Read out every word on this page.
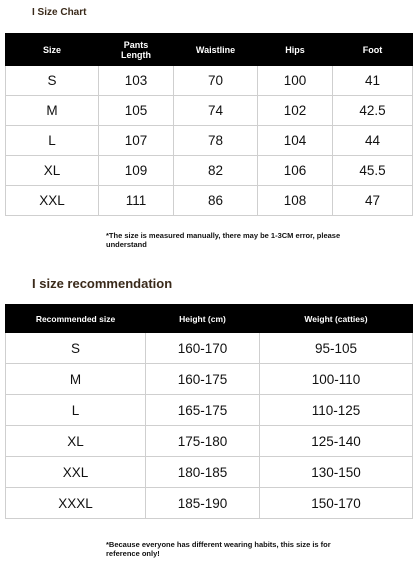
I Size Chart
Size	Pants Length	Waistline	Hips	Foot
S	103	70	100	41
M	105	74	102	42.5
L	107	78	104	44
XL	109	82	106	45.5
XXL	111	86	108	47
*The size is measured manually, there may be 1-3CM error, please understand
I size recommendation
Recommended size	Height (cm)	Weight (catties)
S	160-170	95-105
M	160-175	100-110
L	165-175	110-125
XL	175-180	125-140
XXL	180-185	130-150
XXXL	185-190	150-170
*Because everyone has different wearing habits, this size is for reference only!
